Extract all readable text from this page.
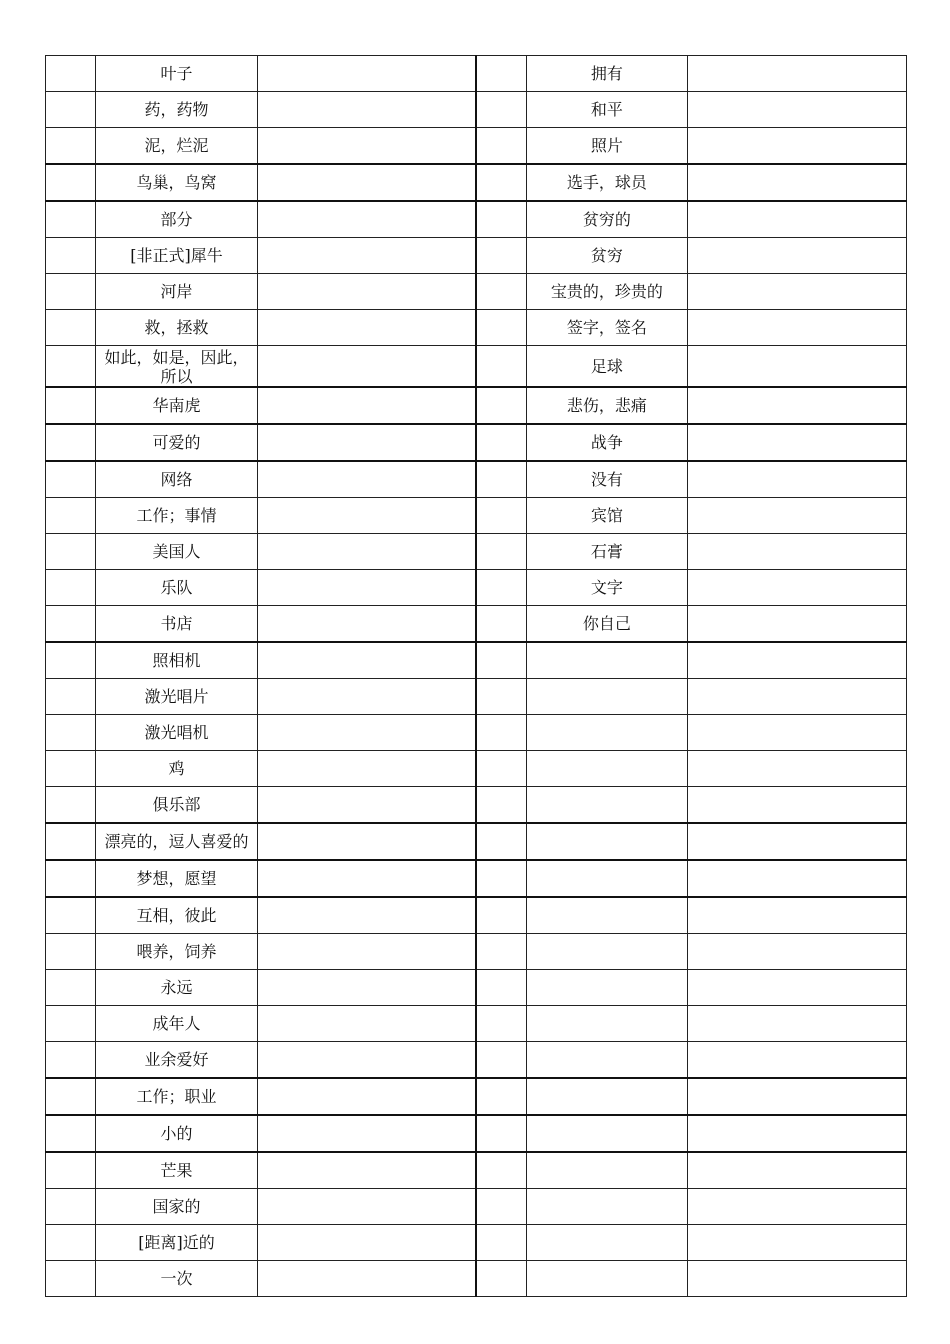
	叶子			拥有	
	药，药物			和平	
	泥，烂泥			照片	
	鸟巢，鸟窝			选手，球员	
	部分			贫穷的	
	[非正式]犀牛			贫穷	
	河岸			宝贵的，珍贵的	
	救，拯救			签字，签名	
	如此，如是，因此，所以			足球	
	华南虎			悲伤，悲痛	
	可爱的			战争	
	网络			没有	
	工作；事情			宾馆	
	美国人			石膏	
	乐队			文字	
	书店			你自己	
	照相机				
	激光唱片				
	激光唱机				
	鸡				
	俱乐部				
	漂亮的，逗人喜爱的				
	梦想，愿望				
	互相，彼此				
	喂养，饲养				
	永远				
	成年人				
	业余爱好				
	工作；职业				
	小的				
	芒果				
	国家的				
	[距离]近的				
	一次				
